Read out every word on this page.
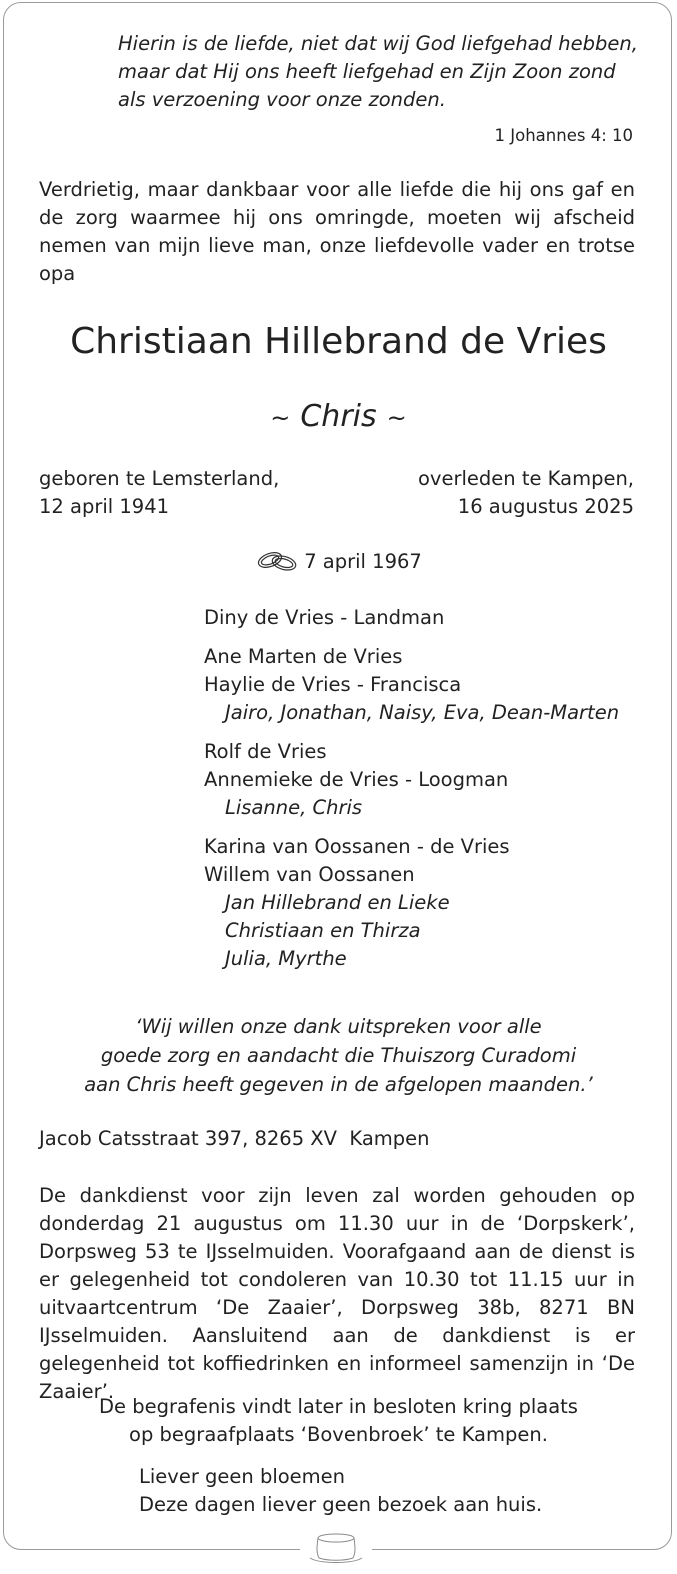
Hierin is de liefde, niet dat wij God liefgehad hebben,
maar dat Hij ons heeft liefgehad en Zijn Zoon zond
als verzoening voor onze zonden.
1 Johannes 4: 10
Verdrietig, maar dankbaar voor alle liefde die hij ons gaf en de zorg waarmee hij ons omringde, moeten wij afscheid nemen van mijn lieve man, onze liefdevolle vader en trotse opa
Christiaan Hillebrand de Vries
~ Chris ~
geboren te Lemsterland,
12 april 1941
overleden te Kampen,
16 augustus 2025
7 april 1967
Diny de Vries - Landman
Ane Marten de Vries
Haylie de Vries - Francisca
Jairo, Jonathan, Naisy, Eva, Dean-Marten
Rolf de Vries
Annemieke de Vries - Loogman
Lisanne, Chris
Karina van Oossanen - de Vries
Willem van Oossanen
Jan Hillebrand en Lieke
Christiaan en Thirza
Julia, Myrthe
‘Wij willen onze dank uitspreken voor alle
goede zorg en aandacht die Thuiszorg Curadomi
aan Chris heeft gegeven in de afgelopen maanden.’
Jacob Catsstraat 397, 8265 XV  Kampen
De dankdienst voor zijn leven zal worden gehouden op donderdag 21 augustus om 11.30 uur in de ‘Dorpskerk’, Dorpsweg 53 te IJsselmuiden. Voorafgaand aan de dienst is er gelegenheid tot condoleren van 10.30 tot 11.15 uur in uitvaartcentrum ‘De Zaaier’, Dorpsweg 38b, 8271 BN IJsselmuiden. Aansluitend aan de dankdienst is er gelegenheid tot koffiedrinken en informeel samenzijn in ‘De Zaaier’.
De begrafenis vindt later in besloten kring plaats
op begraafplaats ‘Bovenbroek’ te Kampen.
Liever geen bloemen
Deze dagen liever geen bezoek aan huis.
